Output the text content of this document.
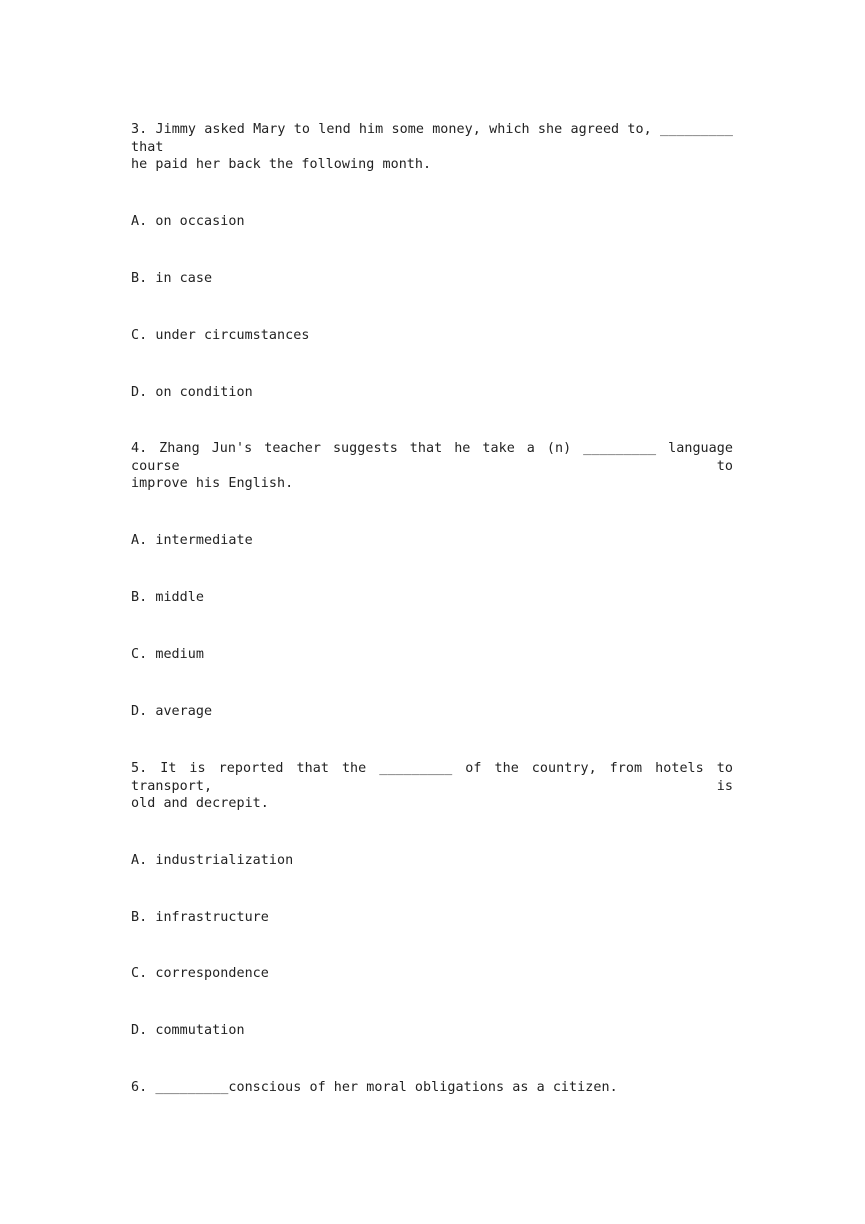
3. Jimmy asked Mary to lend him some money, which she agreed to, _________ that
he paid her back the following month.
A. on occasion
B. in case
C. under circumstances
D. on condition
4. Zhang Jun's teacher suggests that he take a (n) _________ language course to
improve his English.
A. intermediate
B. middle
C. medium
D. average
5. It is reported that the _________ of the country, from hotels to transport, is
old and decrepit.
A. industrialization
B. infrastructure
C. correspondence
D. commutation
6. _________conscious of her moral obligations as a citizen.
